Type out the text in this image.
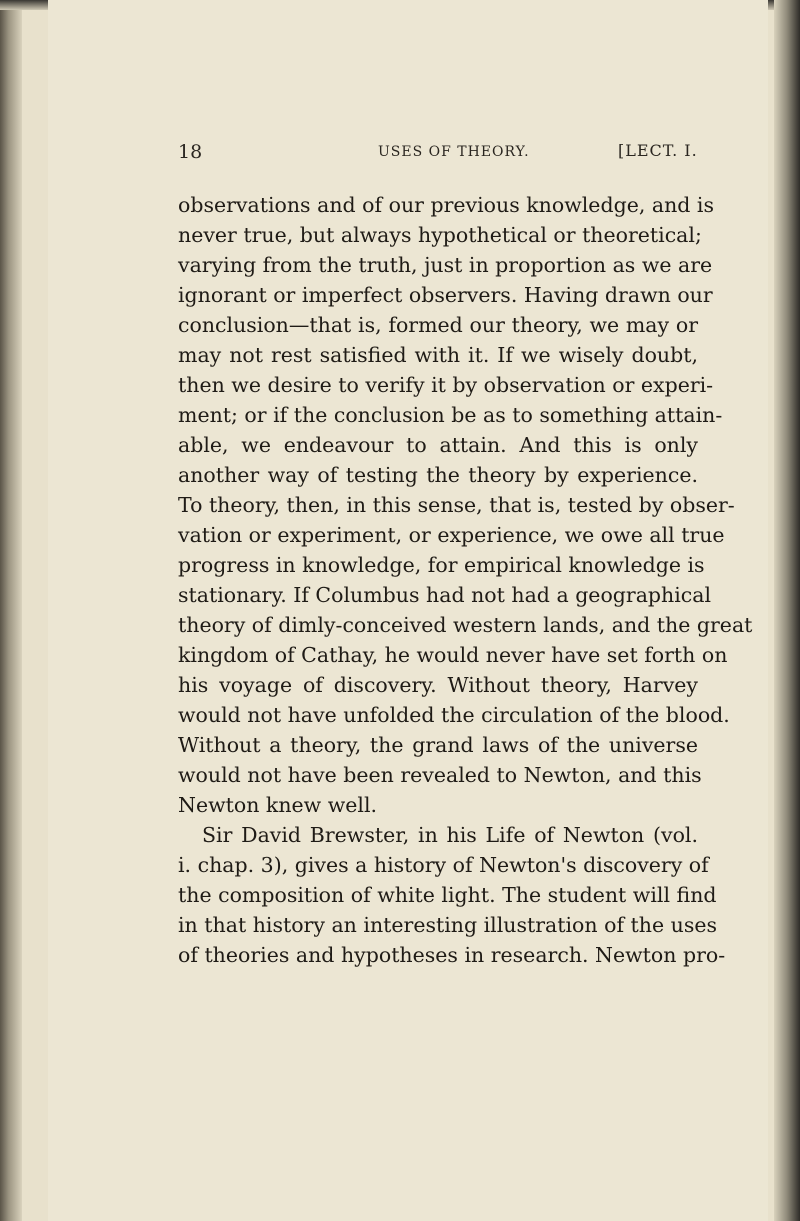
18	USES OF THEORY.	[LECT. I.
observations and of our previous knowledge, and is
never true, but always hypothetical or theoretical;
varying from the truth, just in proportion as we are
ignorant or imperfect observers. Having drawn our
conclusion—that is, formed our theory, we may or
may not rest satisfied with it. If we wisely doubt,
then we desire to verify it by observation or experi-
ment; or if the conclusion be as to something attain-
able, we endeavour to attain. And this is only
another way of testing the theory by experience.
To theory, then, in this sense, that is, tested by obser-
vation or experiment, or experience, we owe all true
progress in knowledge, for empirical knowledge is
stationary. If Columbus had not had a geographical
theory of dimly-conceived western lands, and the great
kingdom of Cathay, he would never have set forth on
his voyage of discovery. Without theory, Harvey
would not have unfolded the circulation of the blood.
Without a theory, the grand laws of the universe
would not have been revealed to Newton, and this
Newton knew well.
Sir David Brewster, in his Life of Newton (vol.
i. chap. 3), gives a history of Newton's discovery of
the composition of white light. The student will find
in that history an interesting illustration of the uses
of theories and hypotheses in research. Newton pro-
